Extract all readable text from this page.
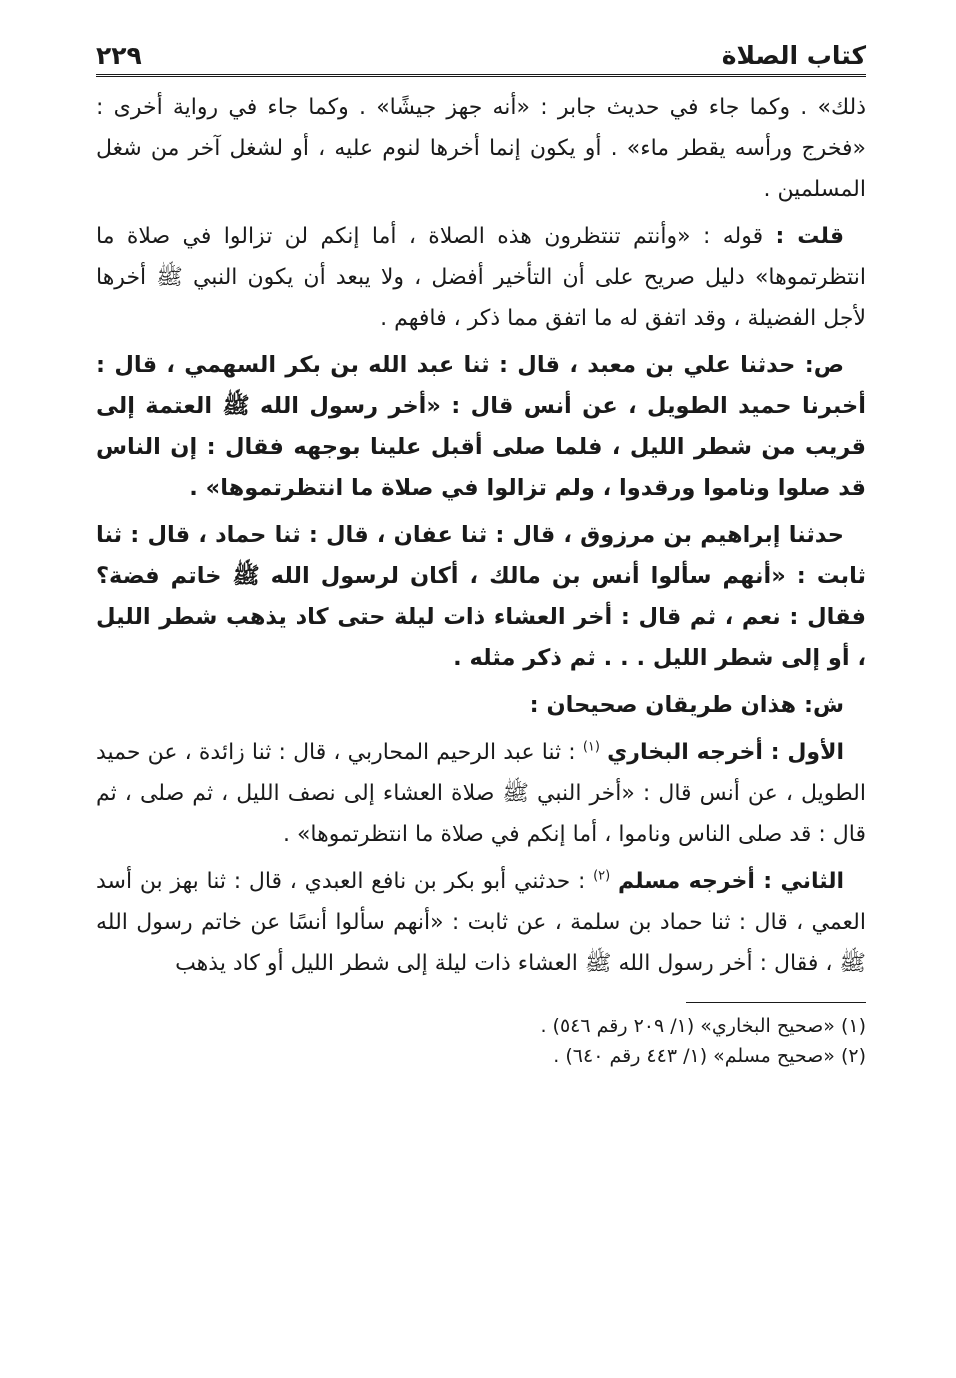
كتاب الصلاة
٢٢٩

ذلك» . وكما جاء في حديث جابر : «أنه جهز جيشًا» . وكما جاء في رواية أخرى : «فخرج ورأسه يقطر ماء» . أو يكون إنما أخرها لنوم عليه ، أو لشغل آخر من شغل المسلمين .

قلت : قوله : «وأنتم تنتظرون هذه الصلاة ، أما إنكم لن تزالوا في صلاة ما انتظرتموها» دليل صريح على أن التأخير أفضل ، ولا يبعد أن يكون النبي ﷺ أخرها لأجل الفضيلة ، وقد اتفق له ما اتفق مما ذكر ، فافهم .

ص: حدثنا علي بن معبد ، قال : ثنا عبد الله بن بكر السهمي ، قال : أخبرنا حميد الطويل ، عن أنس قال : «أخر رسول الله ﷺ العتمة إلى قريب من شطر الليل ، فلما صلى أقبل علينا بوجهه فقال : إن الناس قد صلوا وناموا ورقدوا ، ولم تزالوا في صلاة ما انتظرتموها» .

حدثنا إبراهيم بن مرزوق ، قال : ثنا عفان ، قال : ثنا حماد ، قال : ثنا ثابت : «أنهم سألوا أنس بن مالك ، أكان لرسول الله ﷺ خاتم فضة؟ فقال : نعم ، ثم قال : أخر العشاء ذات ليلة حتى كاد يذهب شطر الليل ، أو إلى شطر الليل . . . ثم ذكر مثله .

ش: هذان طريقان صحيحان :

الأول : أخرجه البخاري $^{(١)}$ : ثنا عبد الرحيم المحاربي ، قال : ثنا زائدة ، عن حميد الطويل ، عن أنس قال : «أخر النبي ﷺ صلاة العشاء إلى نصف الليل ، ثم صلى ، ثم قال : قد صلى الناس وناموا ، أما إنكم في صلاة ما انتظرتموها» .

الثاني : أخرجه مسلم $^{(٢)}$ : حدثني أبو بكر بن نافع العبدي ، قال : ثنا بهز بن أسد العمي ، قال : ثنا حماد بن سلمة ، عن ثابت : «أنهم سألوا أنسًا عن خاتم رسول الله ﷺ ، فقال : أخر رسول الله ﷺ العشاء ذات ليلة إلى شطر الليل أو كاد يذهب

(١) «صحيح البخاري» (١/ ٢٠٩ رقم ٥٤٦) .
(٢) «صحيح مسلم» (١/ ٤٤٣ رقم ٦٤٠) .
